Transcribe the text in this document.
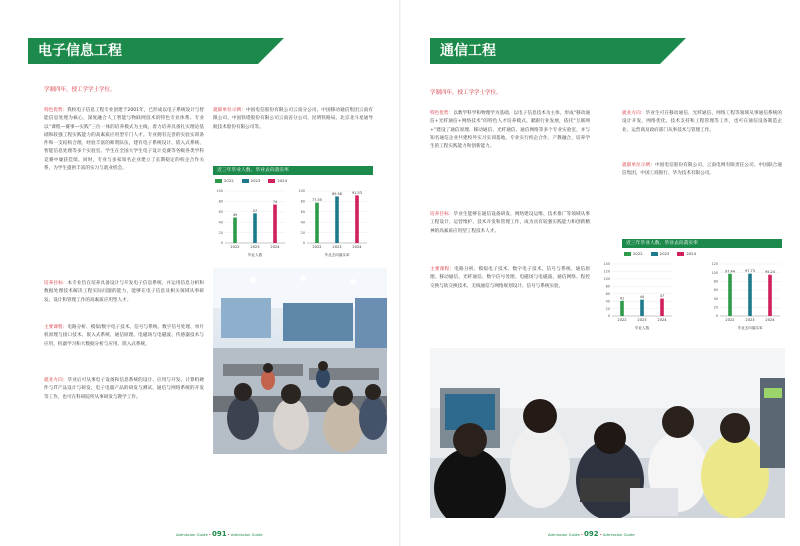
电子信息工程
学制四年，授工学学士学位。
特色优势：我校电子信息工程专业创建于2001年，已形成以电子系统设计与智能信息处理为核心、深度融合人工智能与物联网技术的特色专业体系。专业以“课程—赛事—实践”三位一体的培养模式为主线，着力培养具备扎实理论基础和较强工程实践能力的高素质应用型专门人才。专业拥有完善的实验实训条件和一支结构合理、经验丰富的师资队伍，建有电子系统设计、嵌入式系统、智能信息处理等多个实验室。学生在全国大学生电子设计竞赛等各级各类学科竞赛中屡获佳绩。同时，专业与多家知名企业建立了长期稳定的校企合作关系，为学生提供丰富的实习与就业机会。
培养目标：本专业旨在培养具备设计与开发电子信息系统、并运用信息分析和数据处理技术解决工程实际问题的能力，能够在电子信息及相关领域从事研发、设计和管理工作的高素质应用型人才。
主要课程：电路分析、模拟/数字电子技术、信号与系统、数字信号处理、单片机原理与接口技术、嵌入式系统、通信原理、电磁场与电磁波、传感器技术与应用、机器学习和大数据分析与应用、嵌入式系统。
就业方向：毕业后可从事电子设备和信息系统的设计、应用与开发、计算机硬件与IT产品设计与研发、电子电器产品的研发与测试、通信与网络系统的开发等工作，也可在科研院所从事研发与教学工作。
就职单位示例：中国电信股份有限公司云南分公司、中国移动通信集团云南有限公司、中国铁塔股份有限公司云南省分公司、昆明铁路局、北京北斗星通导航技术股份有限公司等。
近三年毕业人数、毕业去向落实率
2022	2023	2024
0
20
40
60
80
100
49
2022
57
2023
74
2024
毕业人数
0
20
40
60
80
100
77.55
2022
89.56
2023
91.53
2024
毕业去向落实率
Admission Guide • 091 • Admission Guide
通信工程
学制四年，授工学学士学位。
特色优势：以数学科学和物理学为基础、以电子信息技术为主体，形成“移动通信+光纤通信+网络技术”的特色人才培养模式。紧跟行业发展，依托“互联网+”建设了通信原理、移动通信、光纤通信、通信网络等多个专业实验室，并与知名通信企业共建校外实习实训基地。专业实行校企合作、产教融合，培养学生的工程实践能力和创新能力。
培养目标：毕业生能够在通信设备研发、网络建设运维、技术推广等领域从事工程设计、运营维护、技术开发和管理工作，成为具有较强实践能力和创新精神的高素质应用型工程技术人才。
主要课程：电路分析、模拟电子技术、数字电子技术、信号与系统、通信原理、移动通信、光纤通信、数字信号处理、电磁场与电磁波、通信网络、程控交换与软交换技术、无线通信与网络规划设计、信号与系统实验。
就业方向：毕业生可在移动通信、光纤通信、网络工程等领域从事通信系统的设计开发、网络优化、技术支持和工程管理等工作，也可在通信设备制造企业、运营商及政府部门从事技术与管理工作。
就职单位示例：中国电信股份有限公司、云南电网有限责任公司、中国联合通信集团、中国工商银行、华为技术有限公司。
近三年毕业人数、毕业去向落实率
2022	2023	2024
0
20
40
60
80
100
120
140
41
2022
44
2023
47
2024
毕业人数
0
20
40
60
80
100
120
97.44
2022
97.73
2023
95.24
2024
毕业去向落实率
Admission Guide • 092 • Admission Guide
